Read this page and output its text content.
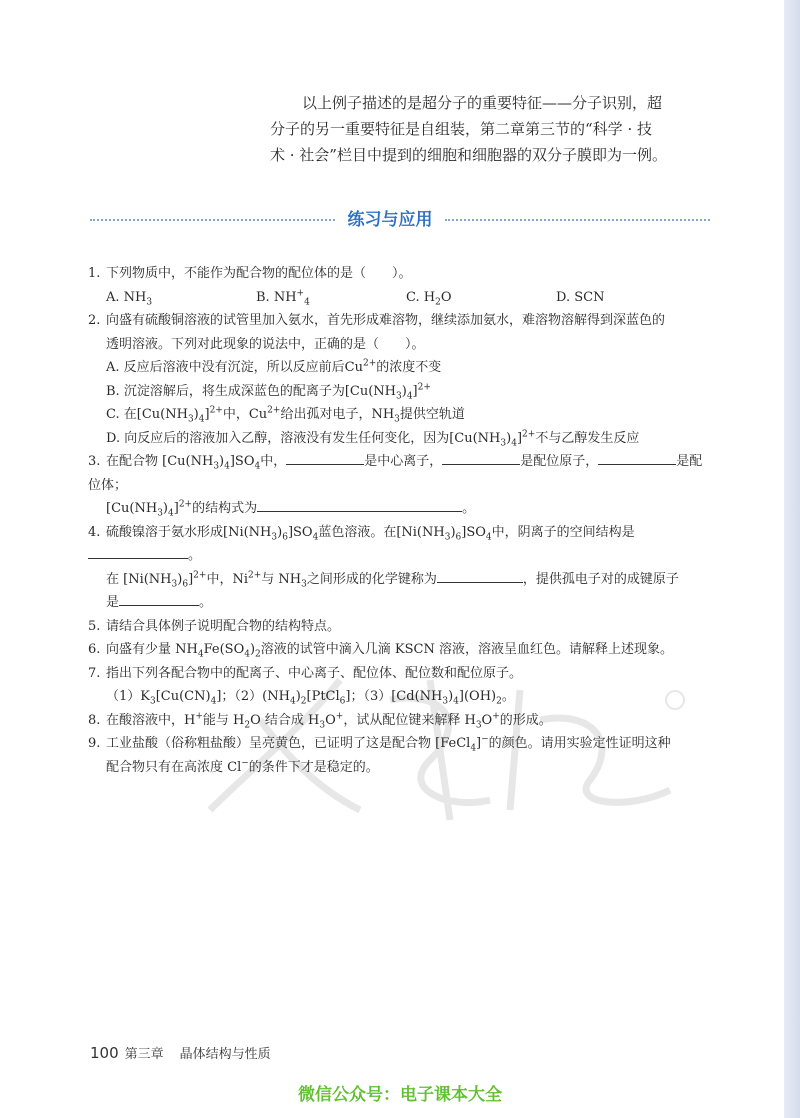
以上例子描述的是超分子的重要特征——分子识别，超

分子的另一重要特征是自组装，第二章第三节的“科学 · 技

术 · 社会”栏目中提到的细胞和细胞器的双分子膜即为一例。

练习与应用
1. 下列物质中，不能作为配合物的配位体的是（　　）。
A. $NH_3$	B. $NH^+_4$	C. $H_2O$	D. SCN
2. 向盛有硫酸铜溶液的试管里加入氨水，首先形成难溶物，继续添加氨水，难溶物溶解得到深蓝色的
透明溶液。下列对此现象的说法中，正确的是（　　）。
A. 反应后溶液中没有沉淀，所以反应前后$Cu^{2+}$的浓度不变
B. 沉淀溶解后，将生成深蓝色的配离子为$[Cu(NH_3)_4]^{2+}$
C. 在$[Cu(NH_3)_4]^{2+}$中，$Cu^{2+}$给出孤对电子，$NH_3$提供空轨道
D. 向反应后的溶液加入乙醇，溶液没有发生任何变化，因为$[Cu(NH_3)_4]^{2+}$不与乙醇发生反应
3. 在配合物 $[Cu(NH_3)_4]SO_4$中，	是中心离子，	是配位原子，	是配位体；
$[Cu(NH_3)_4]^{2+}$的结构式为	。
4. 硫酸镍溶于氨水形成$[Ni(NH_3)_6]SO_4$蓝色溶液。在$[Ni(NH_3)_6]SO_4$中，阴离子的空间结构是。
在 $[Ni(NH_3)_6]^{2+}$中，$Ni^{2+}$与 $NH_3$之间形成的化学键称为	，提供孤电子对的成键原子
是	。
5. 请结合具体例子说明配合物的结构特点。
6. 向盛有少量 $NH_4Fe(SO_4)_2$溶液的试管中滴入几滴 KSCN 溶液，溶液呈血红色。请解释上述现象。
7. 指出下列各配合物中的配离子、中心离子、配位体、配位数和配位原子。
$(1)K_3[Cu(CN)_4]$；$(2)(NH_4)_2[PtCl_6]$；$(3)[Cd(NH_3)_4](OH)_2$。
8. 在酸溶液中，H+能与 $H_2O$ 结合成 $H_3O^+$，试从配位键来解释 $H_3O^+$的形成。
9. 工业盐酸（俗称粗盐酸）呈亮黄色，已证明了这是配合物 [FeCl$_4$]−的颜色。请用实验定性证明这种
配合物只有在高浓度 Cl−的条件下才是稳定的。
100 第三章 晶体结构与性质
微信公众号：电子课本大全
